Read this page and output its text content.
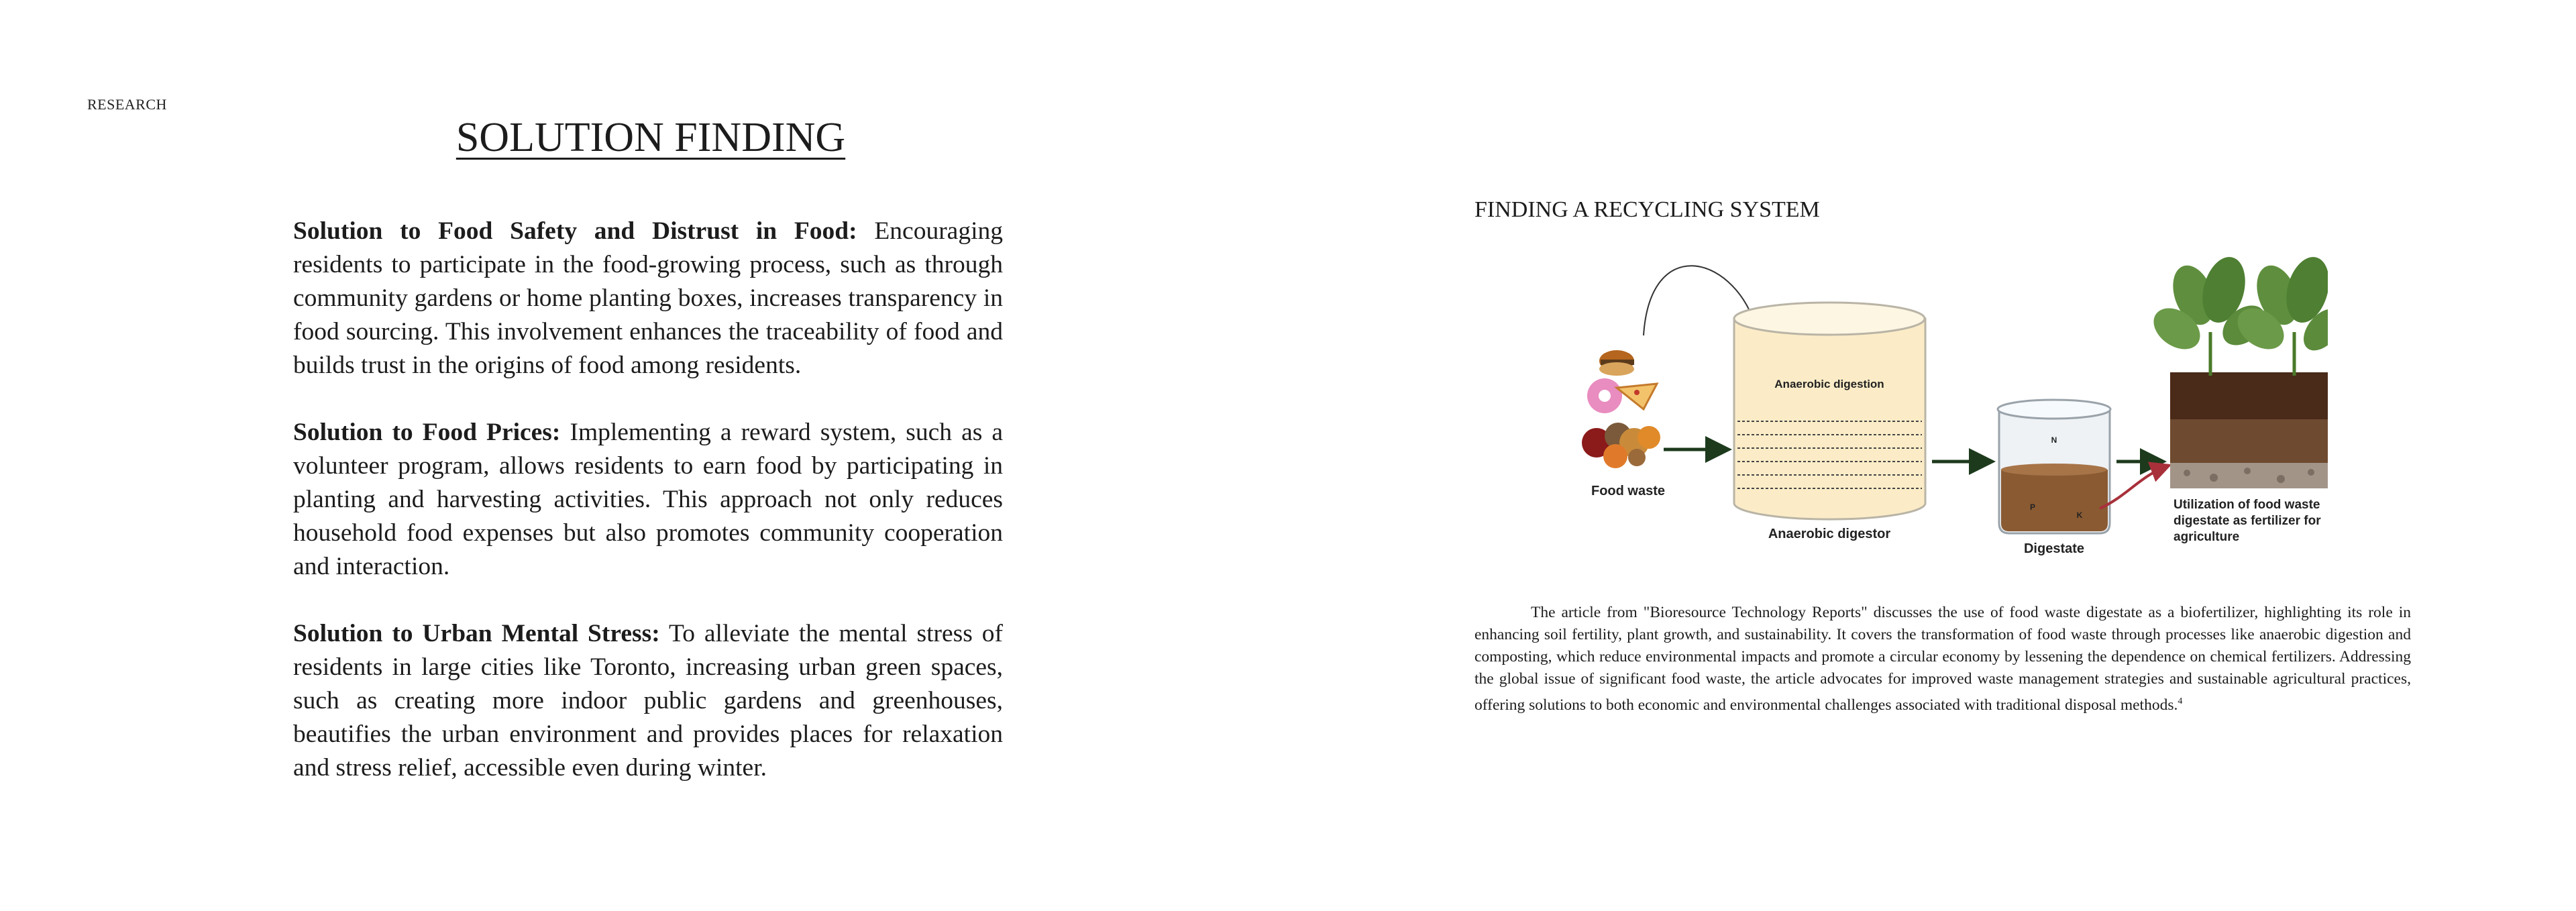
RESEARCH
SOLUTION FINDING

Solution to Food Safety and Distrust in Food: Encouraging residents to participate in the food-growing process, such as through community gardens or home planting boxes, increases transparency in food sourcing. This involvement enhances the traceability of food and builds trust in the origins of food among residents.

Solution to Food Prices: Implementing a reward system, such as a volunteer program, allows residents to earn food by participating in planting and harvesting activities. This approach not only reduces household food expenses but also promotes community cooperation and interaction.

Solution to Urban Mental Stress: To alleviate the mental stress of residents in large cities like Toronto, increasing urban green spaces, such as creating more indoor public gardens and greenhouses, beautifies the urban environment and provides places for relaxation and stress relief, accessible even during winter.

FINDING A RECYCLING SYSTEM
Food waste
Anaerobic digestion
Anaerobic digestor
N
P
K
Digestate
Utilization of food waste
digestate as fertilizer for
agriculture

The article from "Bioresource Technology Reports" discusses the use of food waste digestate as a biofertilizer, highlighting its role in enhancing soil fertility, plant growth, and sustainability. It covers the transformation of food waste through processes like anaerobic digestion and composting, which reduce environmental impacts and promote a circular economy by lessening the dependence on chemical fertilizers. Addressing the global issue of significant food waste, the article advocates for improved waste management strategies and sustainable agricultural practices, offering solutions to both economic and environmental challenges associated with traditional disposal methods.$^4$
